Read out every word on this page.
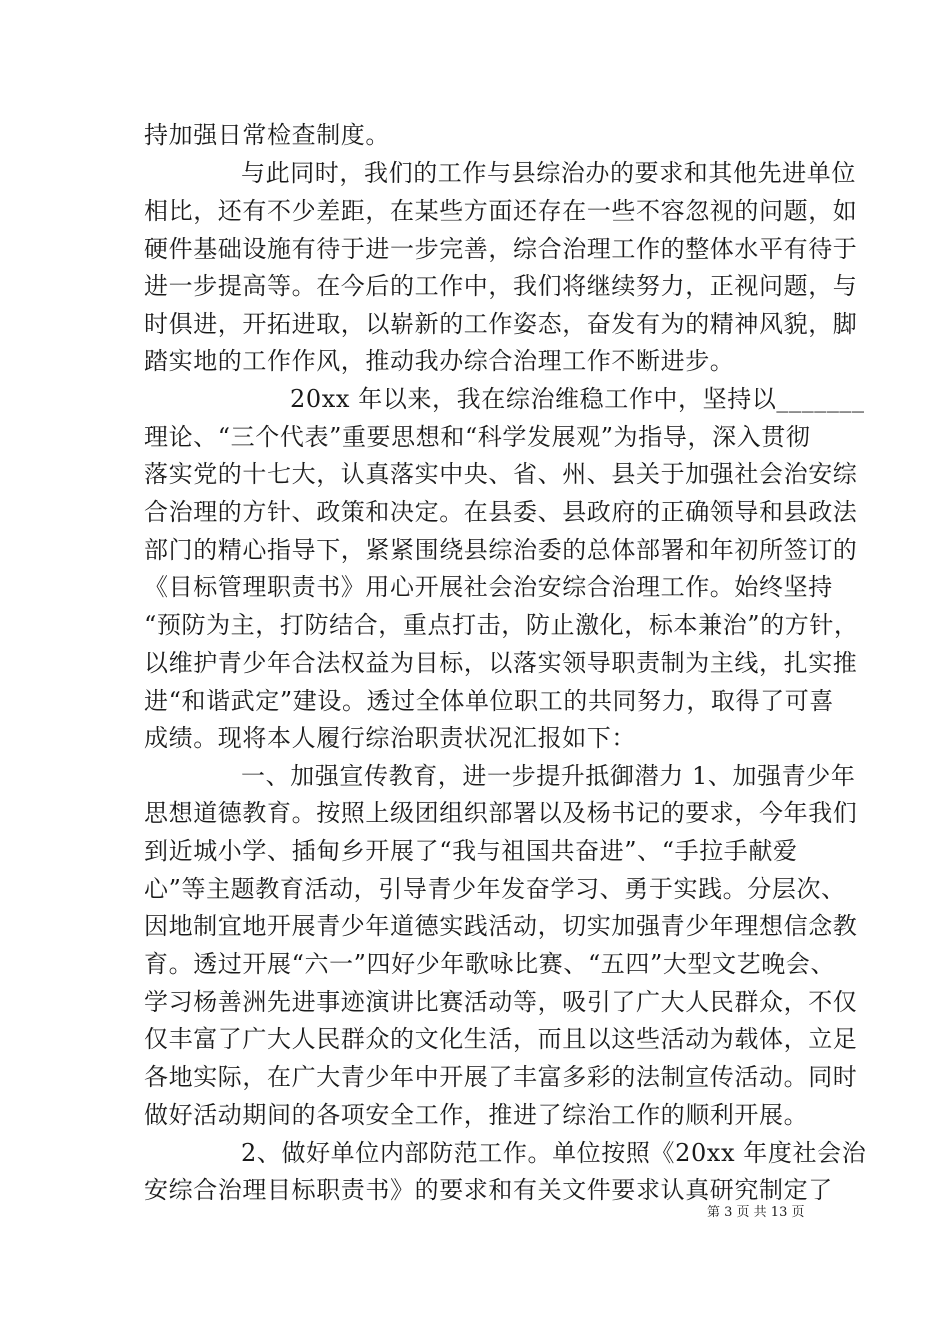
持加强日常检查制度。
与此同时，我们的工作与县综治办的要求和其他先进单位
相比，还有不少差距，在某些方面还存在一些不容忽视的问题，如
硬件基础设施有待于进一步完善，综合治理工作的整体水平有待于
进一步提高等。在今后的工作中，我们将继续努力，正视问题，与
时俱进，开拓进取，以崭新的工作姿态，奋发有为的精神风貌，脚
踏实地的工作作风，推动我办综合治理工作不断进步。
20xx 年以来，我在综治维稳工作中，坚持以_______
理论、“三个代表”重要思想和“科学发展观”为指导，深入贯彻
落实党的十七大，认真落实中央、省、州、县关于加强社会治安综
合治理的方针、政策和决定。在县委、县政府的正确领导和县政法
部门的精心指导下，紧紧围绕县综治委的总体部署和年初所签订的
《目标管理职责书》用心开展社会治安综合治理工作。始终坚持
“预防为主，打防结合，重点打击，防止激化，标本兼治”的方针，
以维护青少年合法权益为目标，以落实领导职责制为主线，扎实推
进“和谐武定”建设。透过全体单位职工的共同努力，取得了可喜
成绩。现将本人履行综治职责状况汇报如下：
一、加强宣传教育，进一步提升抵御潜力 1、加强青少年
思想道德教育。按照上级团组织部署以及杨书记的要求，今年我们
到近城小学、插甸乡开展了“我与祖国共奋进”、“手拉手献爱
心”等主题教育活动，引导青少年发奋学习、勇于实践。分层次、
因地制宜地开展青少年道德实践活动，切实加强青少年理想信念教
育。透过开展“六一”四好少年歌咏比赛、“五四”大型文艺晚会、
学习杨善洲先进事迹演讲比赛活动等，吸引了广大人民群众，不仅
仅丰富了广大人民群众的文化生活，而且以这些活动为载体，立足
各地实际，在广大青少年中开展了丰富多彩的法制宣传活动。同时
做好活动期间的各项安全工作，推进了综治工作的顺利开展。
2、做好单位内部防范工作。单位按照《20xx 年度社会治
安综合治理目标职责书》的要求和有关文件要求认真研究制定了
第 3 页 共 13 页
